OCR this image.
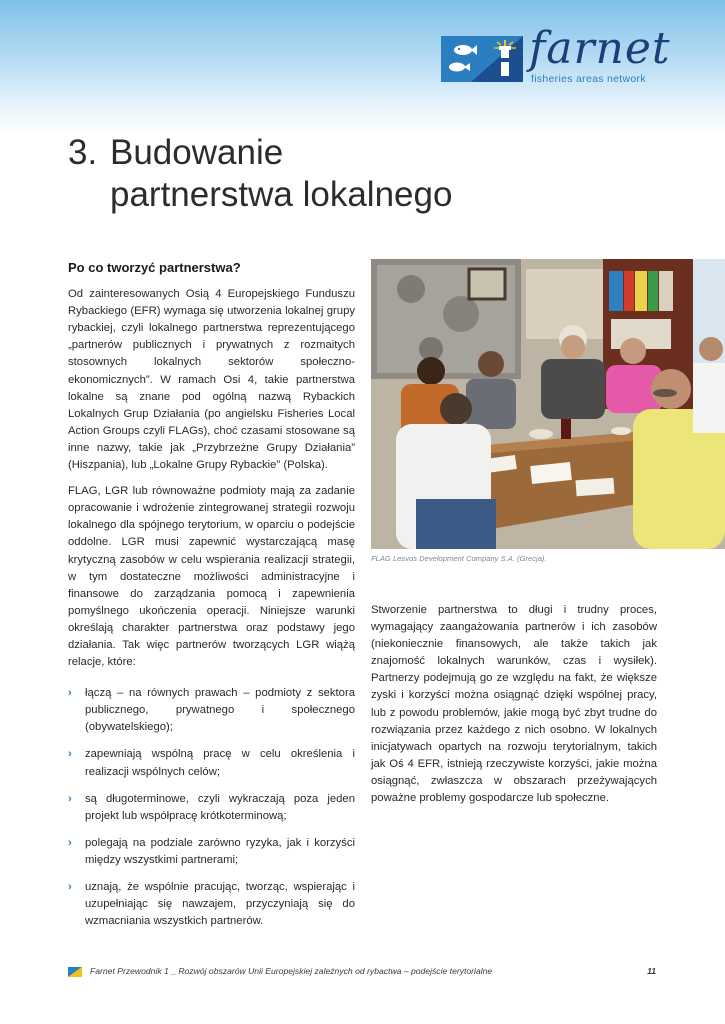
farnet
fisheries areas network
3. Budowanie
partnerstwa lokalnego
Po co tworzyć partnerstwa?

Od zainteresowanych Osią 4 Europejskiego Funduszu Rybackiego (EFR) wymaga się utworzenia lokalnej grupy rybackiej, czyli lokalnego partnerstwa reprezentującego „partnerów publicznych i prywatnych z rozmaitych stosownych lokalnych sektorów społeczno-ekonomicznych”. W ramach Osi 4, takie partnerstwa lokalne są znane pod ogólną nazwą Rybackich Lokalnych Grup Działania (po angielsku Fisheries Local Action Groups czyli FLAGs), choć czasami stosowane są inne nazwy, takie jak „Przybrzeżne Grupy Działania” (Hiszpania), lub „Lokalne Grupy Rybackie” (Polska).

FLAG, LGR lub równoważne podmioty mają za zadanie opracowanie i wdrożenie zintegrowanej strategii rozwoju lokalnego dla spójnego terytorium, w oparciu o podejście oddolne. LGR musi zapewnić wystarczającą masę krytyczną zasobów w celu wspierania realizacji strategii, w tym dostateczne możliwości administracyjne i finansowe do zarządzania pomocą i zapewnienia pomyślnego ukończenia operacji. Niniejsze warunki określają charakter partnerstwa oraz podstawy jego działania. Tak więc partnerów tworzących LGR wiążą relacje, które:

› łączą – na równych prawach – podmioty z sektora publicznego, prywatnego i społecznego (obywatelskiego);
› zapewniają wspólną pracę w celu określenia i realizacji wspólnych celów;
› są długoterminowe, czyli wykraczają poza jeden projekt lub współpracę krótkoterminową;
› polegają na podziale zarówno ryzyka, jak i korzyści między wszystkimi partnerami;
› uznają, że wspólnie pracując, tworząc, wspierając i uzupełniając się nawzajem, przyczyniają się do wzmacniania wszystkich partnerów.
FLAG Lesvos Development Company S.A. (Grecja).

Stworzenie partnerstwa to długi i trudny proces, wymagający zaangażowania partnerów i ich zasobów (niekoniecznie finansowych, ale także takich jak znajomość lokalnych warunków, czas i wysiłek). Partnerzy podejmują go ze względu na fakt, że większe zyski i korzyści można osiągnąć dzięki wspólnej pracy, lub z powodu problemów, jakie mogą być zbyt trudne do rozwiązania przez każdego z nich osobno. W lokalnych inicjatywach opartych na rozwoju terytorialnym, takich jak Oś 4 EFR, istnieją rzeczywiste korzyści, jakie można osiągnąć, zwłaszcza w obszarach przeżywających poważne problemy gospodarcze lub społeczne.

Farnet Przewodnik 1 _ Rozwój obszarów Unii Europejskiej zależnych od rybactwa – podejście terytorialne	11
